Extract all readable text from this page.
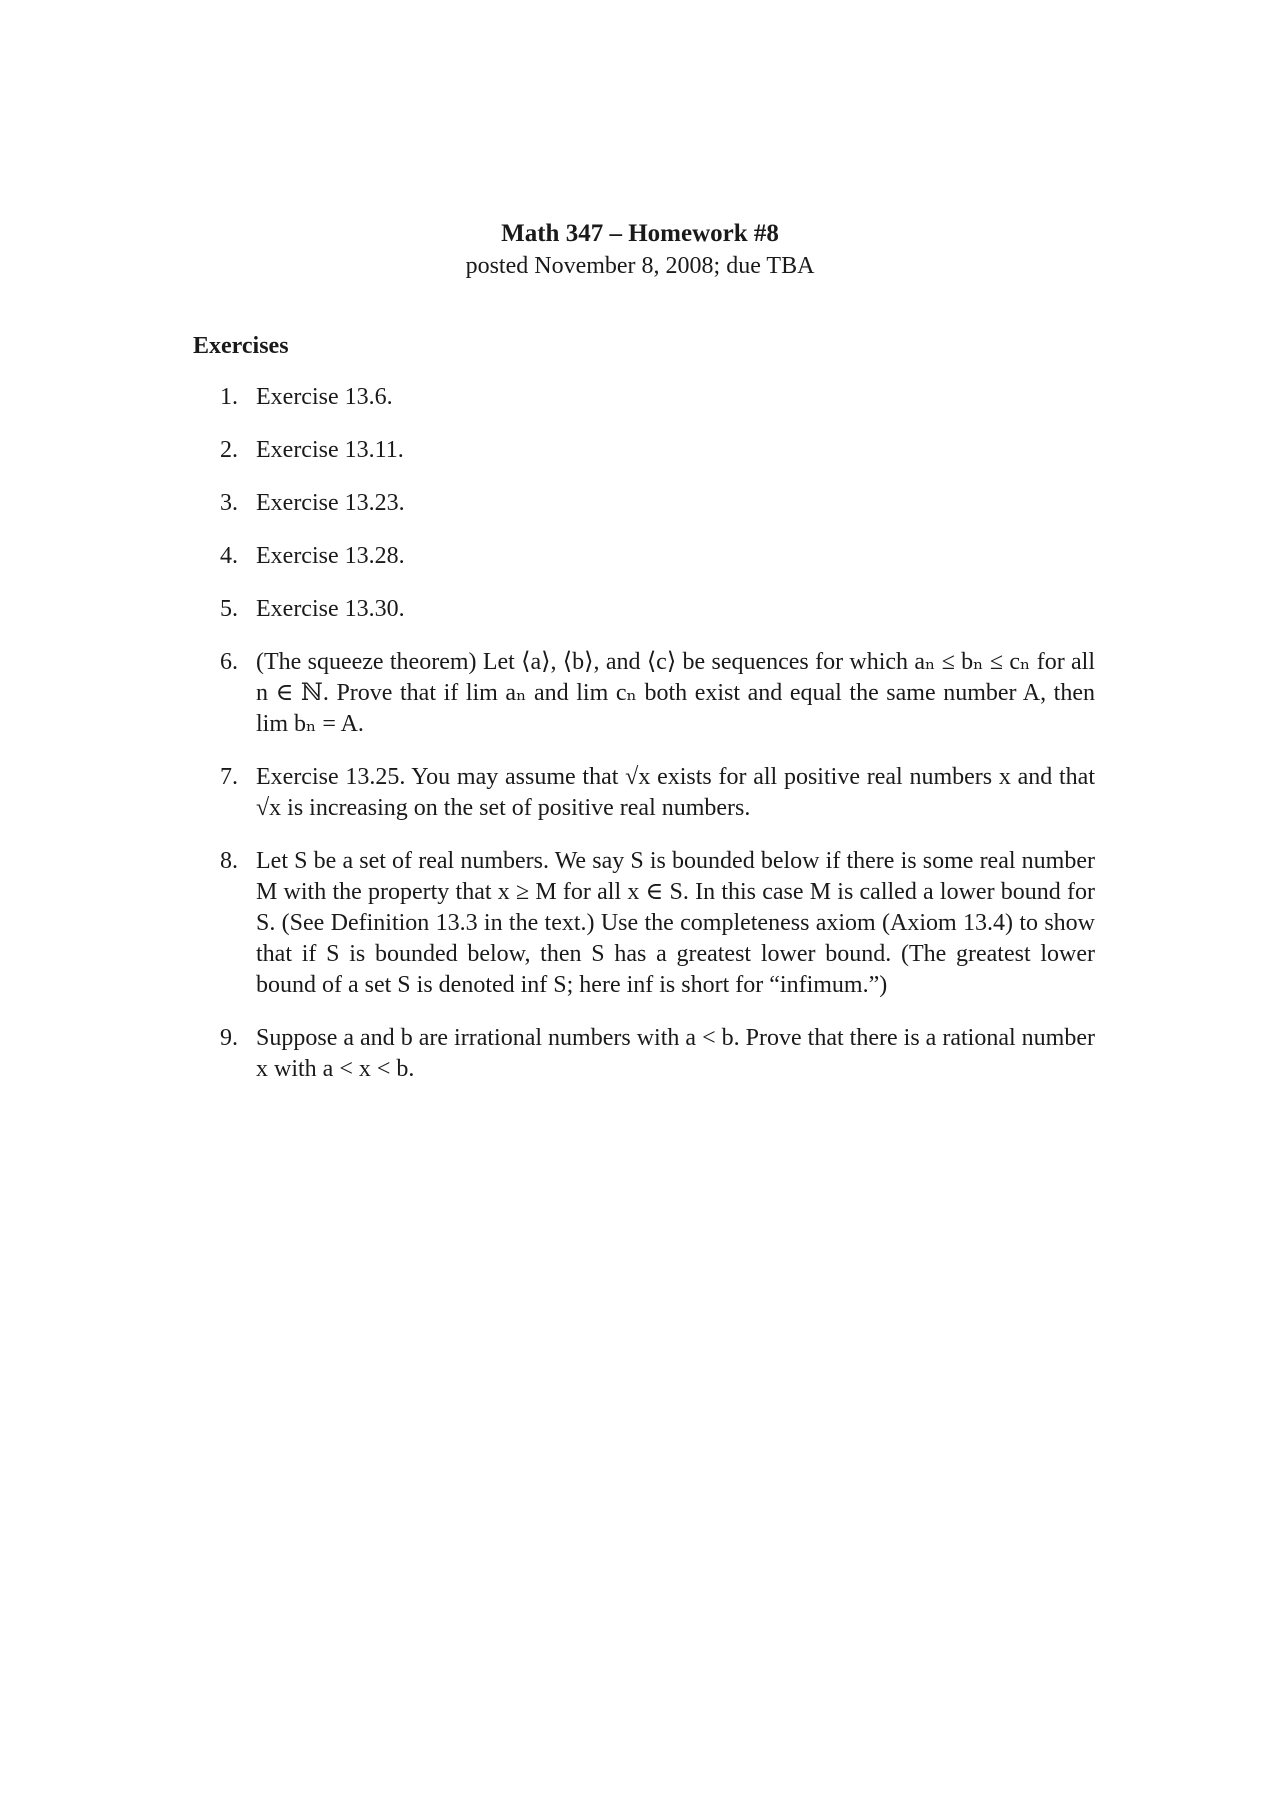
Math 347 – Homework #8

posted November 8, 2008; due TBA

Exercises

1. Exercise 13.6.
2. Exercise 13.11.
3. Exercise 13.23.
4. Exercise 13.28.
5. Exercise 13.30.
6. (The squeeze theorem) Let ⟨a⟩, ⟨b⟩, and ⟨c⟩ be sequences for which aₙ ≤ bₙ ≤ cₙ for all n ∈ ℕ. Prove that if lim aₙ and lim cₙ both exist and equal the same number A, then lim bₙ = A.
7. Exercise 13.25. You may assume that √x exists for all positive real numbers x and that √x is increasing on the set of positive real numbers.
8. Let S be a set of real numbers. We say S is bounded below if there is some real number M with the property that x ≥ M for all x ∈ S. In this case M is called a lower bound for S. (See Definition 13.3 in the text.) Use the completeness axiom (Axiom 13.4) to show that if S is bounded below, then S has a greatest lower bound. (The greatest lower bound of a set S is denoted inf S; here inf is short for “infimum.”)
9. Suppose a and b are irrational numbers with a < b. Prove that there is a rational number x with a < x < b.
